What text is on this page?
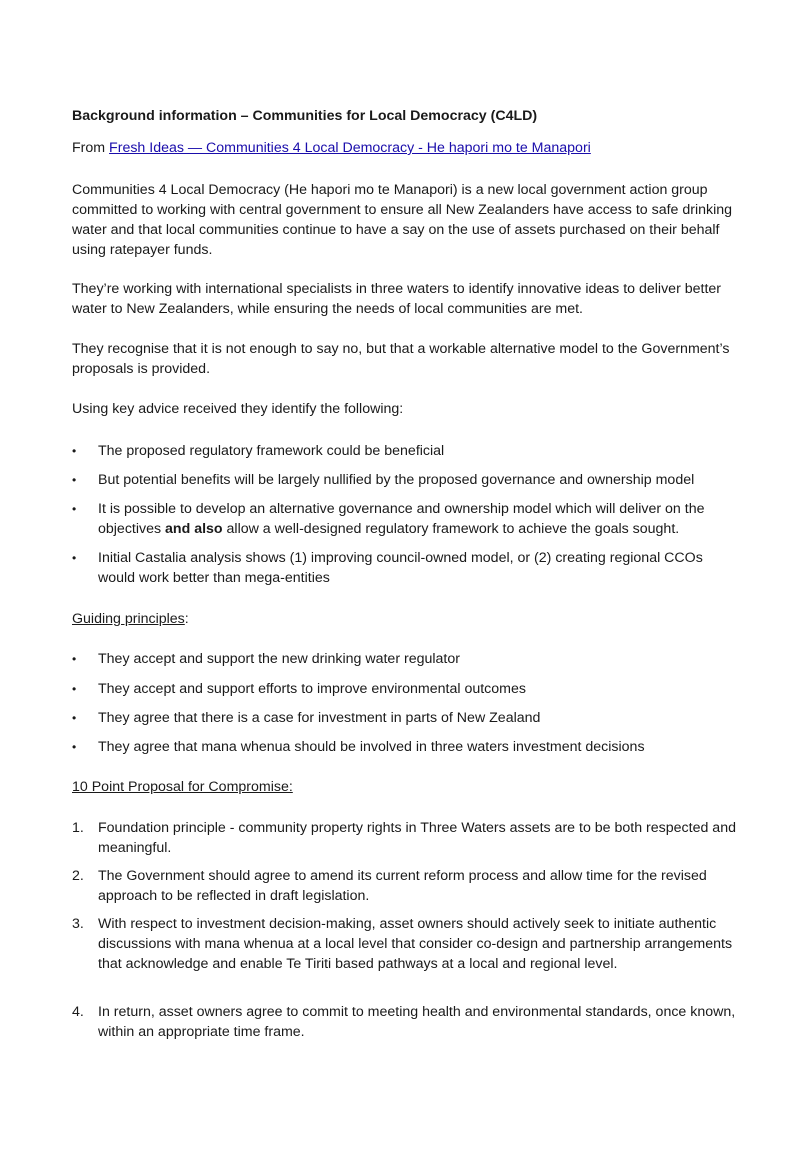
Background information – Communities for Local Democracy (C4LD)

From Fresh Ideas — Communities 4 Local Democracy - He hapori mo te Manapori

Communities 4 Local Democracy (He hapori mo te Manapori) is a new local government action group committed to working with central government to ensure all New Zealanders have access to safe drinking water and that local communities continue to have a say on the use of assets purchased on their behalf using ratepayer funds.

They’re working with international specialists in three waters to identify innovative ideas to deliver better water to New Zealanders, while ensuring the needs of local communities are met.

They recognise that it is not enough to say no, but that a workable alternative model to the Government’s proposals is provided.

Using key advice received they identify the following:

•	The proposed regulatory framework could be beneficial
•	But potential benefits will be largely nullified by the proposed governance and ownership model
•	It is possible to develop an alternative governance and ownership model which will deliver on the objectives and also allow a well-designed regulatory framework to achieve the goals sought.
•	Initial Castalia analysis shows (1) improving council-owned model, or (2) creating regional CCOs would work better than mega-entities

Guiding principles:

•	They accept and support the new drinking water regulator
•	They accept and support efforts to improve environmental outcomes
•	They agree that there is a case for investment in parts of New Zealand
•	They agree that mana whenua should be involved in three waters investment decisions

10 Point Proposal for Compromise:

1. Foundation principle - community property rights in Three Waters assets are to be both respected and meaningful.
2. The Government should agree to amend its current reform process and allow time for the revised approach to be reflected in draft legislation.
3. With respect to investment decision-making, asset owners should actively seek to initiate authentic discussions with mana whenua at a local level that consider co-design and partnership arrangements that acknowledge and enable Te Tiriti based pathways at a local and regional level.
4. In return, asset owners agree to commit to meeting health and environmental standards, once known, within an appropriate time frame.
